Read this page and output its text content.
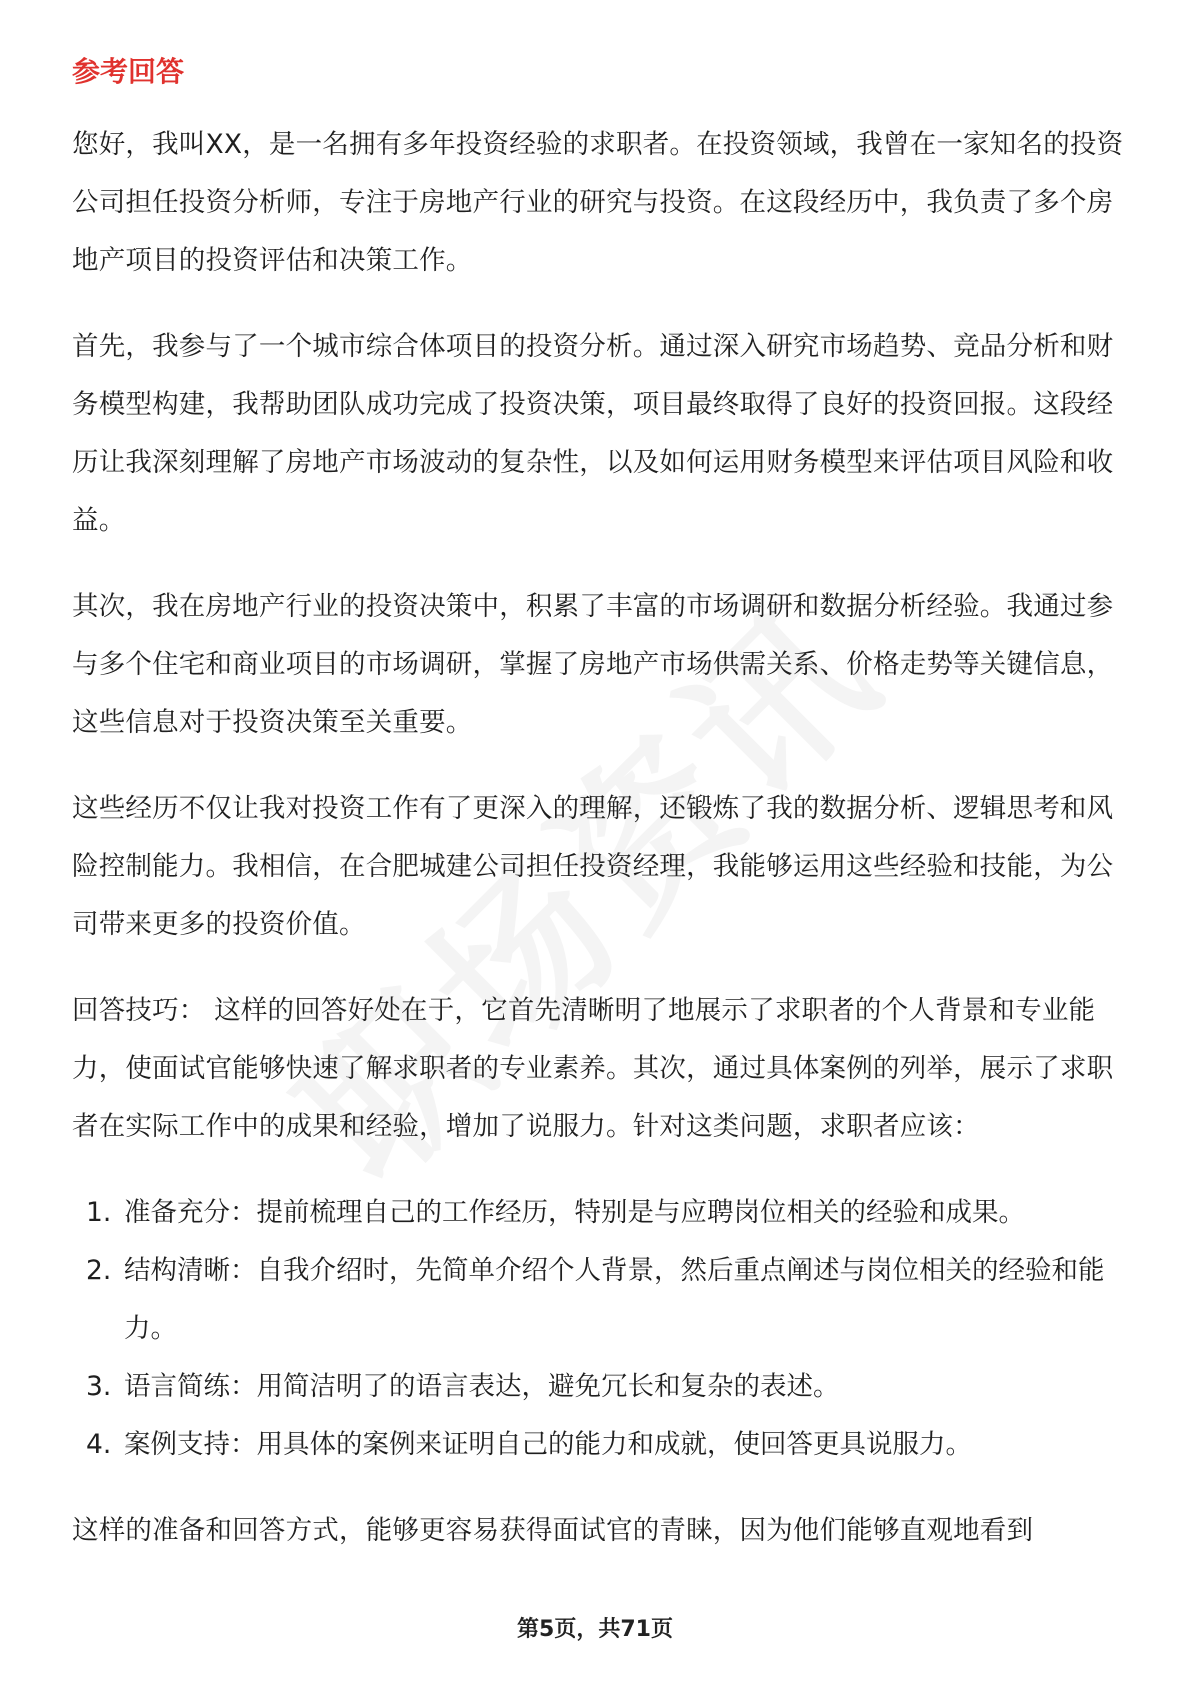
参考回答

您好，我叫XX，是一名拥有多年投资经验的求职者。在投资领域，我曾在一家知名的投资公司担任投资分析师，专注于房地产行业的研究与投资。在这段经历中，我负责了多个房地产项目的投资评估和决策工作。

首先，我参与了一个城市综合体项目的投资分析。通过深入研究市场趋势、竞品分析和财务模型构建，我帮助团队成功完成了投资决策，项目最终取得了良好的投资回报。这段经历让我深刻理解了房地产市场波动的复杂性，以及如何运用财务模型来评估项目风险和收益。

其次，我在房地产行业的投资决策中，积累了丰富的市场调研和数据分析经验。我通过参与多个住宅和商业项目的市场调研，掌握了房地产市场供需关系、价格走势等关键信息，这些信息对于投资决策至关重要。

这些经历不仅让我对投资工作有了更深入的理解，还锻炼了我的数据分析、逻辑思考和风险控制能力。我相信，在合肥城建公司担任投资经理，我能够运用这些经验和技能，为公司带来更多的投资价值。

回答技巧： 这样的回答好处在于，它首先清晰明了地展示了求职者的个人背景和专业能力，使面试官能够快速了解求职者的专业素养。其次，通过具体案例的列举，展示了求职者在实际工作中的成果和经验，增加了说服力。针对这类问题，求职者应该：

1. 准备充分：提前梳理自己的工作经历，特别是与应聘岗位相关的经验和成果。
2. 结构清晰：自我介绍时，先简单介绍个人背景，然后重点阐述与岗位相关的经验和能力。
3. 语言简练：用简洁明了的语言表达，避免冗长和复杂的表述。
4. 案例支持：用具体的案例来证明自己的能力和成就，使回答更具说服力。

这样的准备和回答方式，能够更容易获得面试官的青睐，因为他们能够直观地看到

第5页，共71页
